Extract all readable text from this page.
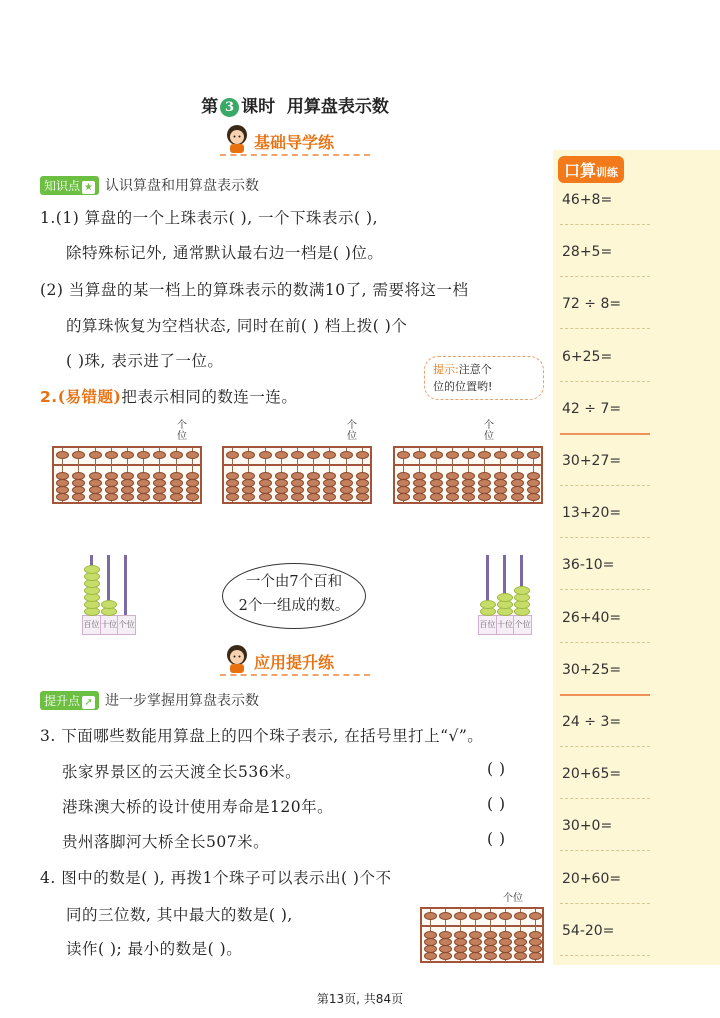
第 3 课时 用算盘表示数
基础导学练
知识点 ★ 认识算盘和用算盘表示数
1.(1) 算盘的一个上珠表示( ), 一个下珠表示( ),
除特殊标记外, 通常默认最右边一档是( )位。
(2) 当算盘的某一档上的算珠表示的数满10了, 需要将这一档
的算珠恢复为空档状态, 同时在前( ) 档上拨( )个
( )珠, 表示进了一位。	提示:注意个
位的位置哟!
2.(易错题)把表示相同的数连一连。
个位
个位
个位
百位 十位 个位	百位 十位 个位
一个由7个百和
2个一组成的数。
应用提升练
提升点 ➚ 进一步掌握用算盘表示数
3. 下面哪些数能用算盘上的四个珠子表示, 在括号里打上“√”。
张家界景区的云天渡全长536米。	( )
港珠澳大桥的设计使用寿命是120年。	( )
贵州落脚河大桥全长507米。	( )
4. 图中的数是( ), 再拨1个珠子可以表示出( )个不
同的三位数, 其中最大的数是( ),
读作( ); 最小的数是( )。
个位
口算训练
46+8=
28+5=
72 ÷ 8=
6+25=
42 ÷ 7=
30+27=
13+20=
36-10=
26+40=
30+25=
24 ÷ 3=
20+65=
30+0=
20+60=
54-20=
第13页, 共84页
